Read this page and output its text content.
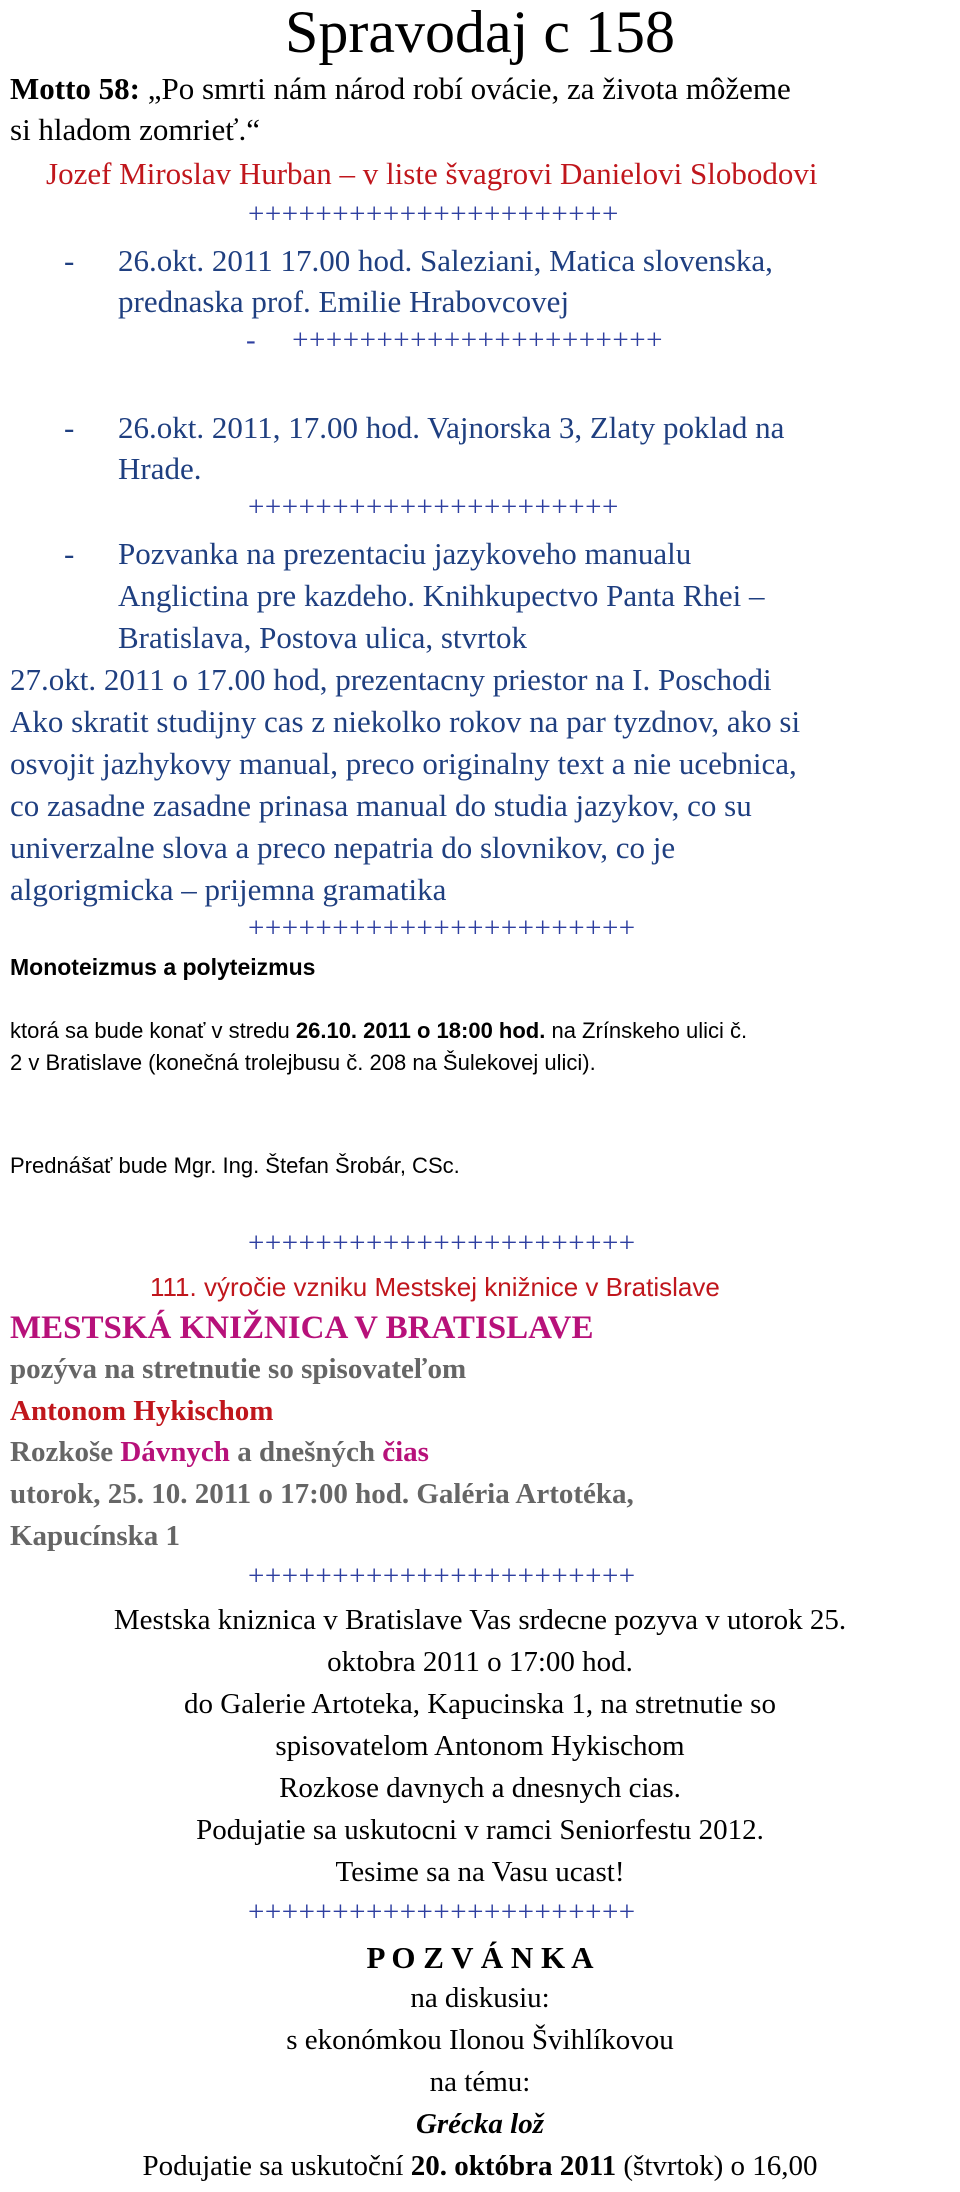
Spravodaj c 158
Motto 58: „Po smrti nám národ robí ovácie, za života môžeme
si hladom zomrieť.“
Jozef Miroslav Hurban – v liste švagrovi Danielovi Slobodovi
++++++++++++++++++++++
- 26.okt. 2011 17.00 hod. Saleziani, Matica slovenska,
prednaska prof. Emilie Hrabovcovej
- ++++++++++++++++++++++
- 26.okt. 2011, 17.00 hod. Vajnorska 3, Zlaty poklad na
Hrade.
++++++++++++++++++++++
- Pozvanka na prezentaciu jazykoveho manualu
Anglictina pre kazdeho. Knihkupectvo Panta Rhei –
Bratislava, Postova ulica, stvrtok
27.okt. 2011 o 17.00 hod, prezentacny priestor na I. Poschodi
Ako skratit studijny cas z niekolko rokov na par tyzdnov, ako si
osvojit jazhykovy manual, preco originalny text a nie ucebnica,
co zasadne zasadne prinasa manual do studia jazykov, co su
univerzalne slova a preco nepatria do slovnikov, co je
algorigmicka – prijemna gramatika
+++++++++++++++++++++++
Monoteizmus a polyteizmus
ktorá sa bude konať v stredu 26.10. 2011 o 18:00 hod. na Zrínskeho ulici č.
2 v Bratislave (konečná trolejbusu č. 208 na Šulekovej ulici).
Prednášať bude Mgr. Ing. Štefan Šrobár, CSc.
+++++++++++++++++++++++
111. výročie vzniku Mestskej knižnice v Bratislave
MESTSKÁ KNIŽNICA V BRATISLAVE
pozýva na stretnutie so spisovateľom
Antonom Hykischom
Rozkoše Dávnych a dnešných čias
utorok, 25. 10. 2011 o 17:00 hod. Galéria Artotéka,
Kapucínska 1
+++++++++++++++++++++++
Mestska kniznica v Bratislave Vas srdecne pozyva v utorok 25.
oktobra 2011 o 17:00 hod.
do Galerie Artoteka, Kapucinska 1, na stretnutie so
spisovatelom Antonom Hykischom
Rozkose davnych a dnesnych cias.
Podujatie sa uskutocni v ramci Seniorfestu 2012.
Tesime sa na Vasu ucast!
+++++++++++++++++++++++
P O Z V Á N K A
na diskusiu:
s ekonómkou Ilonou Švihlíkovou
na tému:
Grécka lož
Podujatie sa uskutoční 20. októbra 2011 (štvrtok) o 16,00
